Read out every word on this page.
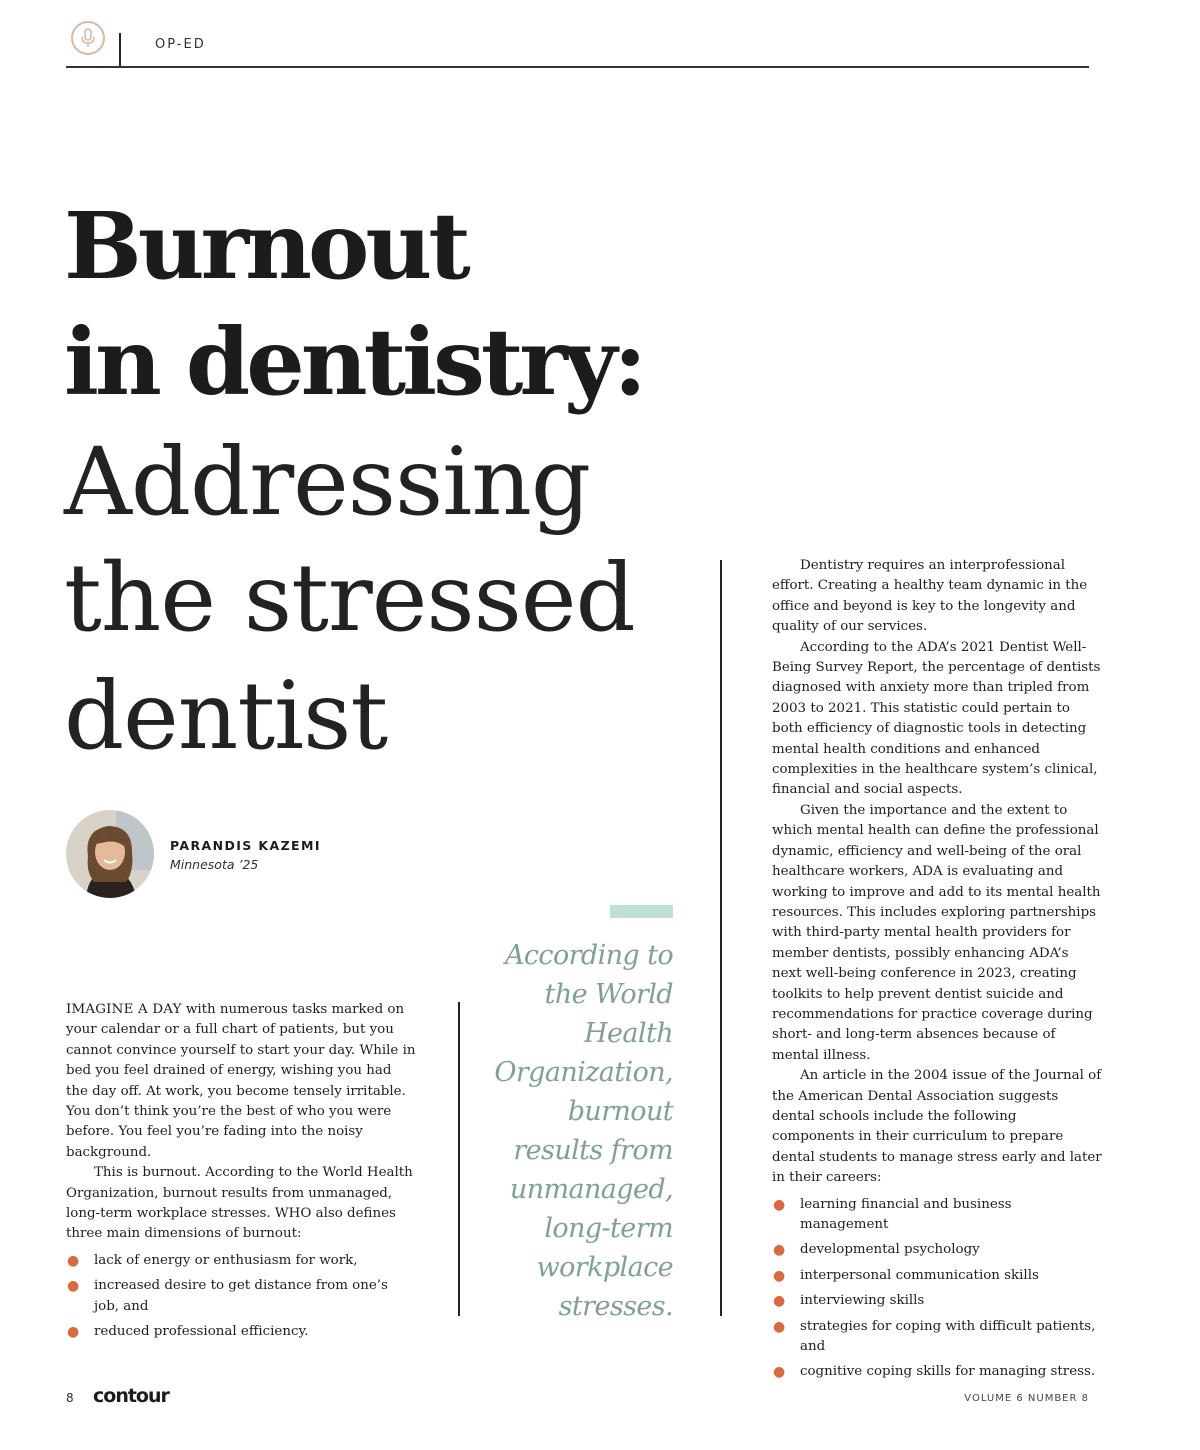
OP-ED
Burnout
in dentistry:
Addressing
the stressed
dentist
PARANDIS KAZEMI
Minnesota ’25

IMAGINE A DAY with numerous tasks marked on your calendar or a full chart of patients, but you cannot convince yourself to start your day. While in bed you feel drained of energy, wishing you had the day off. At work, you become tensely irritable. You don’t think you’re the best of who you were before. You feel you’re fading into the noisy background.

This is burnout. According to the World Health Organization, burnout results from unmanaged, long-term workplace stresses. WHO also defines three main dimensions of burnout:

● lack of energy or enthusiasm for work,
● increased desire to get distance from one’s job, and
● reduced professional efficiency.
According to
the World
Health
Organization,
burnout
results from
unmanaged,
long-term
workplace
stresses.

Dentistry requires an interprofessional effort. Creating a healthy team dynamic in the office and beyond is key to the longevity and quality of our services.

According to the ADA’s 2021 Dentist Well-Being Survey Report, the percentage of dentists diagnosed with anxiety more than tripled from 2003 to 2021. This statistic could pertain to both efficiency of diagnostic tools in detecting mental health conditions and enhanced complexities in the healthcare system’s clinical, financial and social aspects.

Given the importance and the extent to which mental health can define the professional dynamic, efficiency and well-being of the oral healthcare workers, ADA is evaluating and working to improve and add to its mental health resources. This includes exploring partnerships with third-party mental health providers for member dentists, possibly enhancing ADA’s next well-being conference in 2023, creating toolkits to help prevent dentist suicide and recommendations for practice coverage during short- and long-term absences because of mental illness.

An article in the 2004 issue of the Journal of the American Dental Association suggests dental schools include the following components in their curriculum to prepare dental students to manage stress early and later in their careers:

● learning financial and business management
● developmental psychology
● interpersonal communication skills
● interviewing skills
● strategies for coping with difficult patients, and
● cognitive coping skills for managing stress.
8 contour	VOLUME 6 NUMBER 8
